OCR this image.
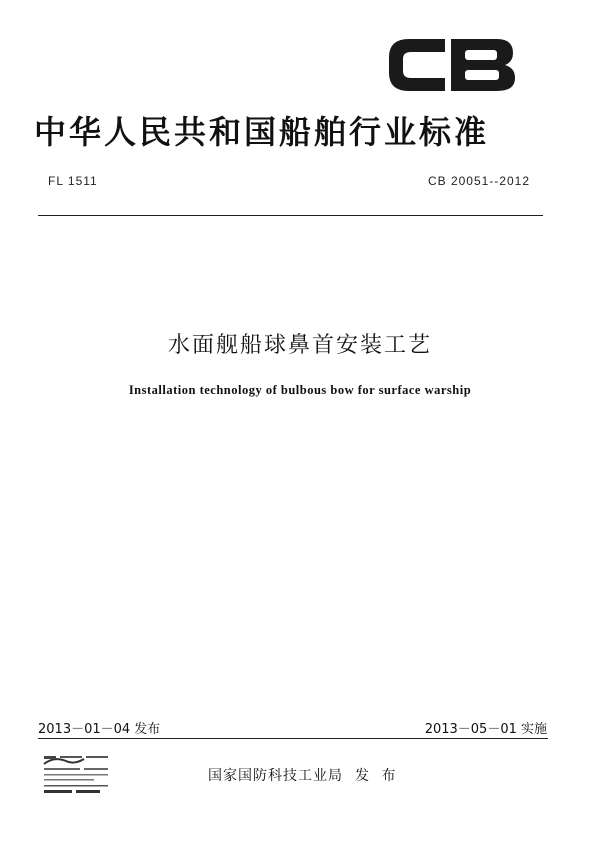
中华人民共和国船舶行业标准
FL 1511	CB 20051--2012
水面舰船球鼻首安装工艺
Installation technology of bulbous bow for surface warship
2013－01－04 发布	2013－05－01 实施
国家国防科技工业局 发 布
